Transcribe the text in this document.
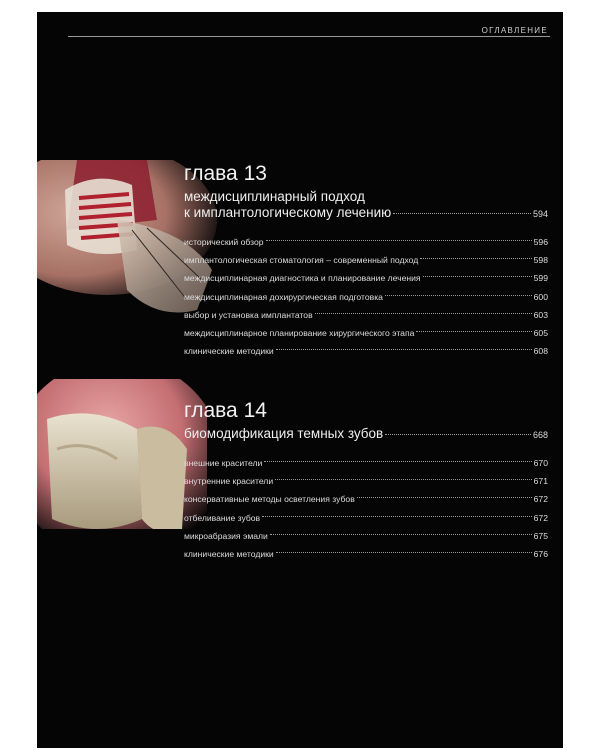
ОГЛАВЛЕНИЕ
глава 13
междисциплинарный подход
к имплантологическому лечению	594
исторический обзор	596
имплантологическая стоматология – современный подход	598
междисциплинарная диагностика и планирование лечения	599
междисциплинарная дохирургическая подготовка	600
выбор и установка имплантатов	603
междисциплинарное планирование хирургического этапа	605
клинические методики	608
глава 14
биомодификация темных зубов	668
внешние красители	670
внутренние красители	671
консервативные методы осветления зубов	672
отбеливание зубов	672
микроабразия эмали	675
клинические методики	676
